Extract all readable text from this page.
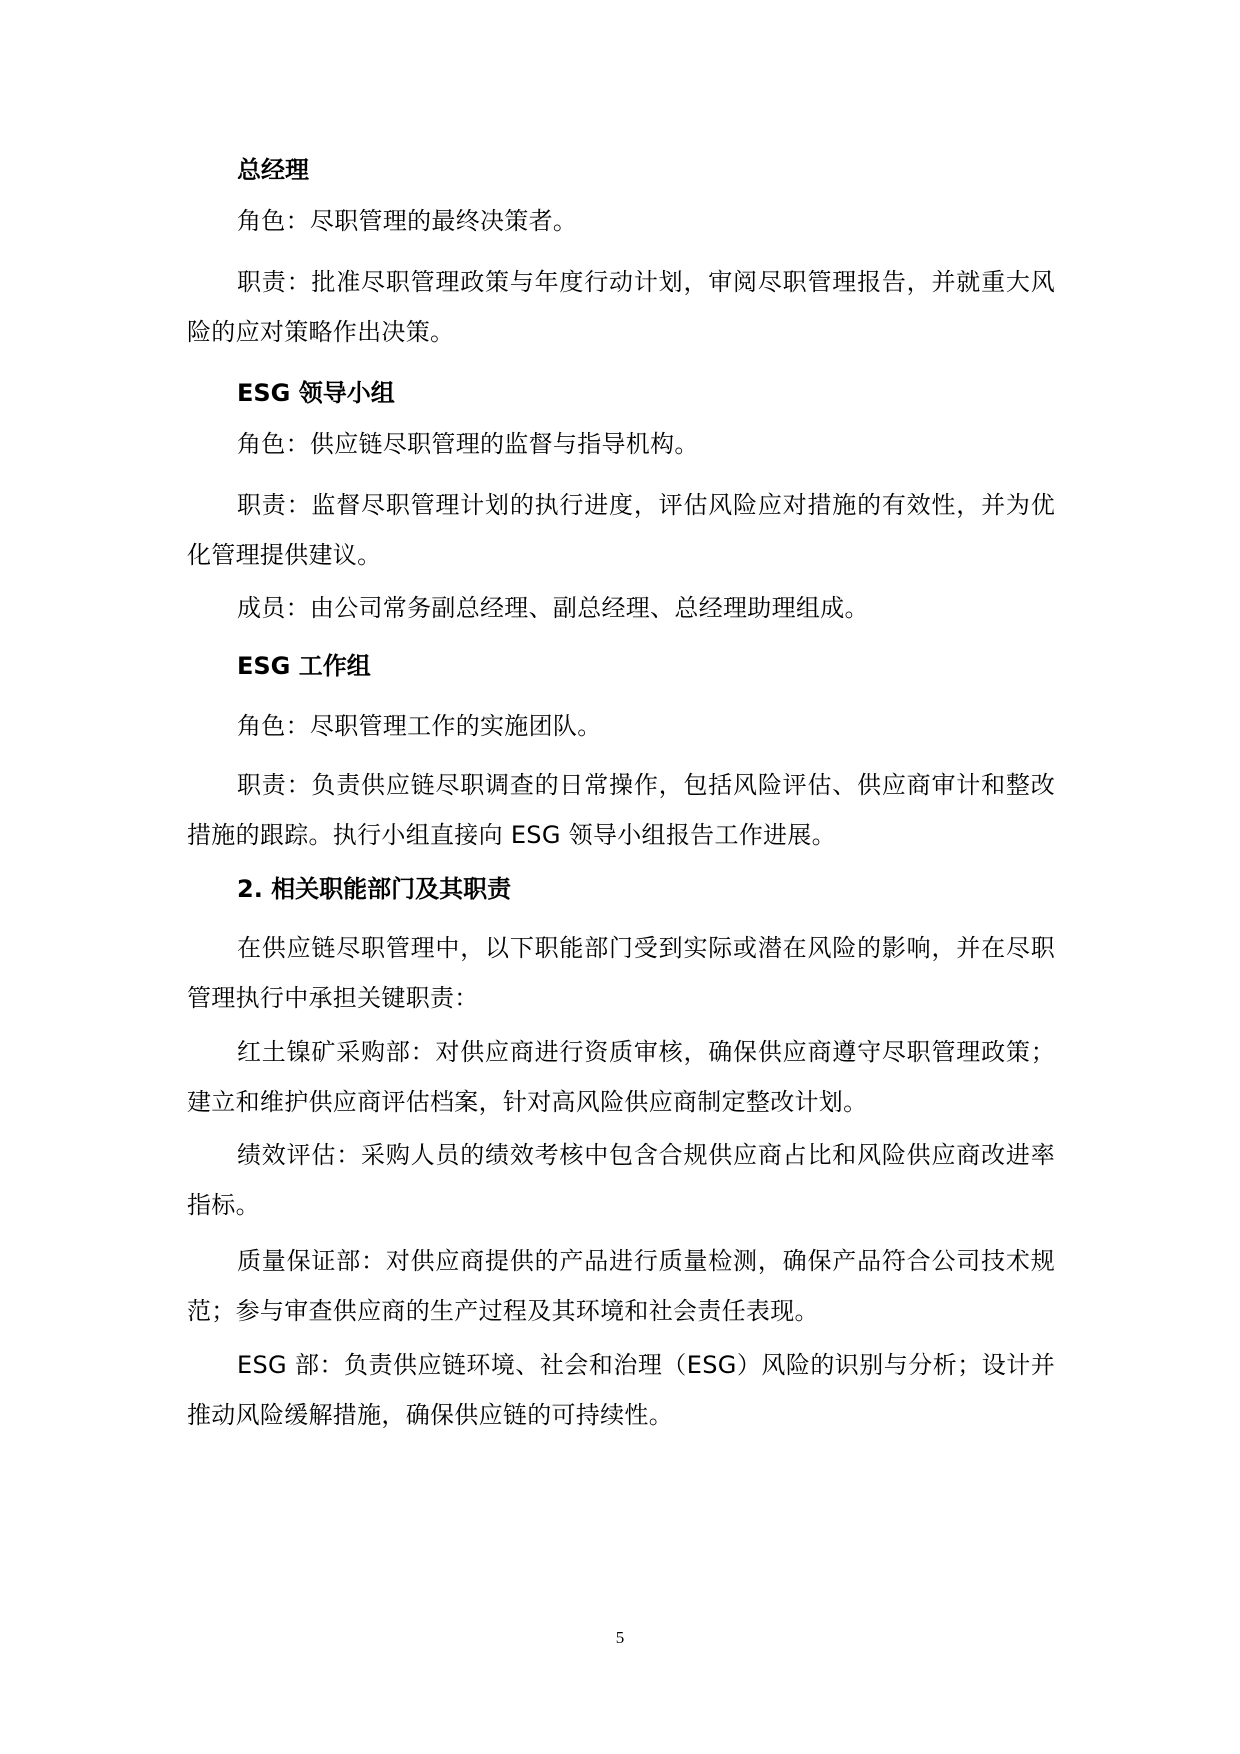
总经理

角色：尽职管理的最终决策者。

职责：批准尽职管理政策与年度行动计划，审阅尽职管理报告，并就重大风险的应对策略作出决策。

ESG 领导小组

角色：供应链尽职管理的监督与指导机构。

职责：监督尽职管理计划的执行进度，评估风险应对措施的有效性，并为优化管理提供建议。

成员：由公司常务副总经理、副总经理、总经理助理组成。

ESG 工作组

角色：尽职管理工作的实施团队。

职责：负责供应链尽职调查的日常操作，包括风险评估、供应商审计和整改措施的跟踪。执行小组直接向 ESG 领导小组报告工作进展。

2. 相关职能部门及其职责

在供应链尽职管理中，以下职能部门受到实际或潜在风险的影响，并在尽职管理执行中承担关键职责：

红土镍矿采购部：对供应商进行资质审核，确保供应商遵守尽职管理政策；建立和维护供应商评估档案，针对高风险供应商制定整改计划。

绩效评估：采购人员的绩效考核中包含合规供应商占比和风险供应商改进率指标。

质量保证部：对供应商提供的产品进行质量检测，确保产品符合公司技术规范；参与审查供应商的生产过程及其环境和社会责任表现。

ESG 部：负责供应链环境、社会和治理（ESG）风险的识别与分析；设计并推动风险缓解措施，确保供应链的可持续性。

5
